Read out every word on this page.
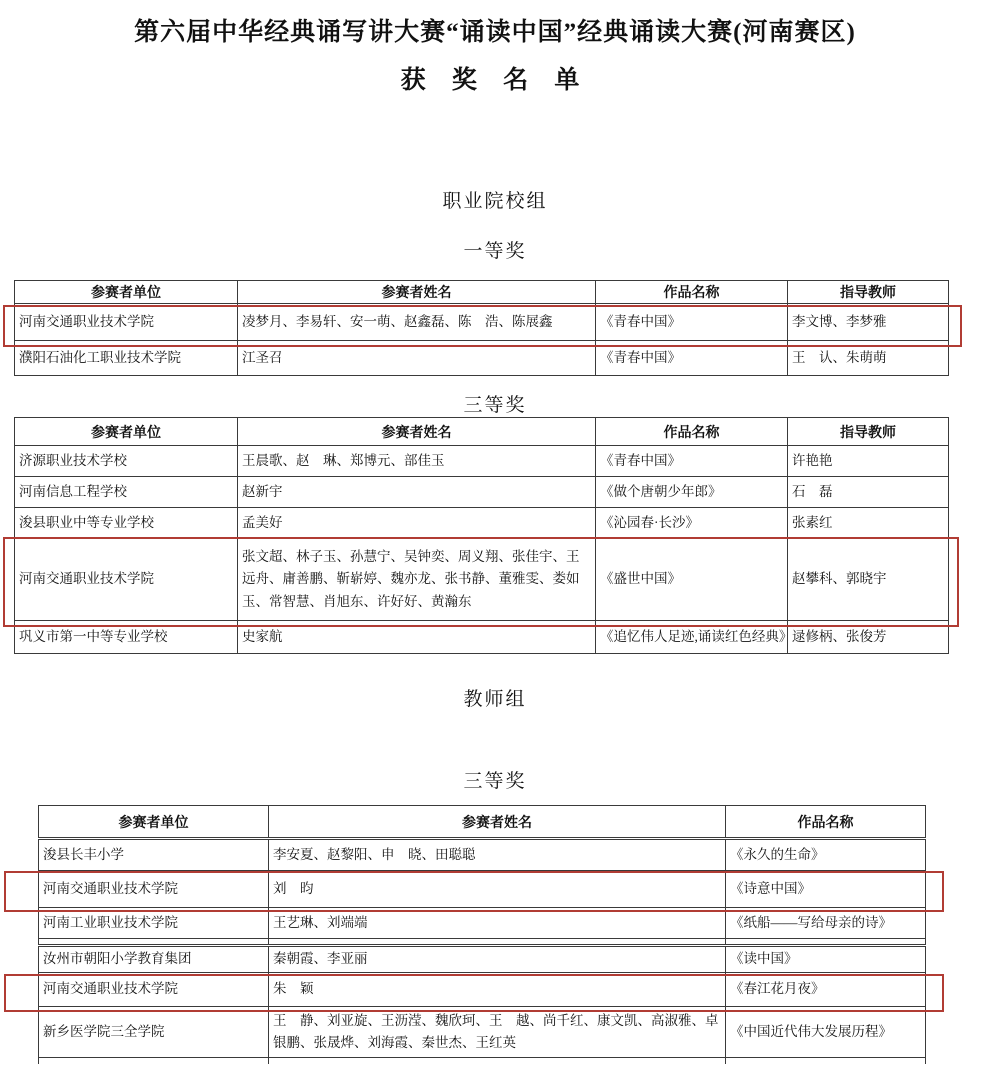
第六届中华经典诵写讲大赛“诵读中国”经典诵读大赛(河南赛区)
获 奖 名 单
职业院校组
一等奖
参赛者单位	参赛者姓名	作品名称	指导教师
河南交通职业技术学院	凌梦月、李易轩、安一萌、赵鑫磊、陈　浩、陈展鑫	《青春中国》	李文博、李梦雅
濮阳石油化工职业技术学院	江圣召	《青春中国》	王　认、朱萌萌
三等奖
参赛者单位	参赛者姓名	作品名称	指导教师
济源职业技术学校	王晨歌、赵　琳、郑博元、部佳玉	《青春中国》	许艳艳
河南信息工程学校	赵新宇	《做个唐朝少年郎》	石　磊
浚县职业中等专业学校	孟美好	《沁园春·长沙》	张素红
河南交通职业技术学院	张文超、林子玉、孙慧宁、吴钟奕、周义翔、张佳宇、王远舟、庸善鹏、靳崭婷、魏亦龙、张书静、董雅雯、娄如玉、常智慧、肖旭东、许好好、黄瀚东	《盛世中国》	赵攀科、郭晓宇
巩义市第一中等专业学校	史家航	《追忆伟人足迹,诵读红色经典》	逯修柄、张俊芳
教师组
三等奖
参赛者单位	参赛者姓名	作品名称
浚县长丰小学	李安夏、赵黎阳、申　晓、田聪聪	《永久的生命》
河南交通职业技术学院	刘　昀	《诗意中国》
河南工业职业技术学院	王艺琳、刘端端	《纸船——写给母亲的诗》

汝州市朝阳小学教育集团	秦朝霞、李亚丽	《读中国》
河南交通职业技术学院	朱　颖	《春江花月夜》
新乡医学院三全学院	王　静、刘亚旋、王沥滢、魏欣珂、王　越、尚千红、康文凯、高淑雅、卓银鹏、张晟烨、刘海霞、秦世杰、王红英	《中国近代伟大发展历程》
